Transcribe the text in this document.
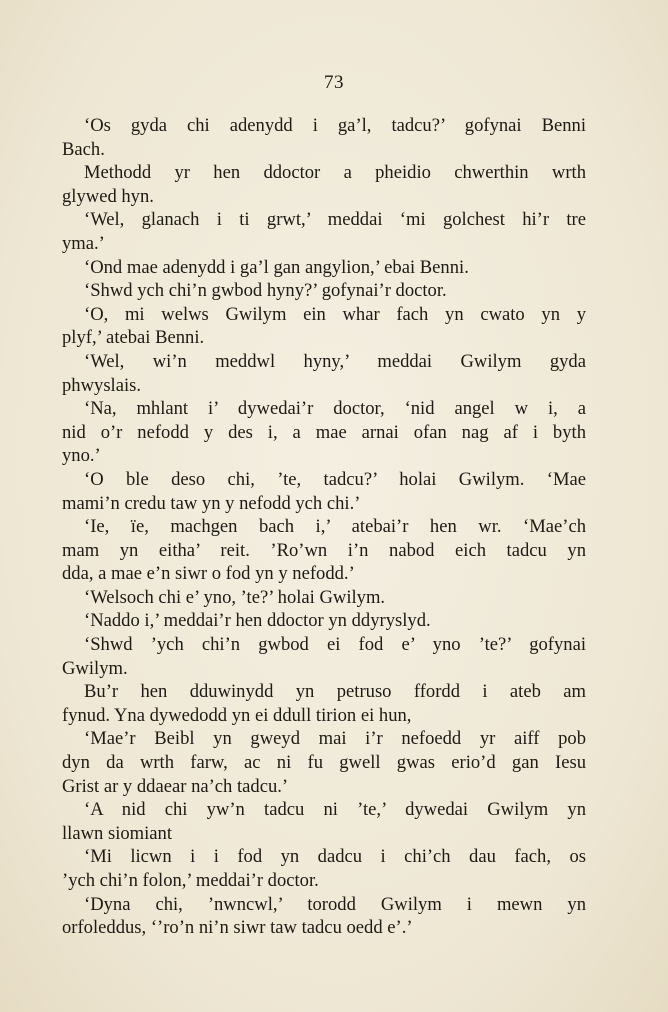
73
‘Os gyda chi adenydd i ga’l, tadcu?’ gofynai Benni
Bach.
Methodd yr hen ddoctor a pheidio chwerthin wrth
glywed hyn.
‘Wel, glanach i ti grwt,’ meddai ‘mi golchest hi’r tre
yma.’
‘Ond mae adenydd i ga’l gan angylion,’ ebai Benni.
‘Shwd ych chi’n gwbod hyny?’ gofynai’r doctor.
‘O, mi welws Gwilym ein whar fach yn cwato yn y
plyf,’ atebai Benni.
‘Wel, wi’n meddwl hyny,’ meddai Gwilym gyda
phwyslais.
‘Na, mhlant i’ dywedai’r doctor, ‘nid angel w i, a
nid o’r nefodd y des i, a mae arnai ofan nag af i byth
yno.’
‘O ble deso chi, ’te, tadcu?’ holai Gwilym. ‘Mae
mami’n credu taw yn y nefodd ych chi.’
‘Ie, ïe, machgen bach i,’ atebai’r hen wr. ‘Mae’ch
mam yn eitha’ reit. ’Ro’wn i’n nabod eich tadcu yn
dda, a mae e’n siwr o fod yn y nefodd.’
‘Welsoch chi e’ yno, ’te?’ holai Gwilym.
‘Naddo i,’ meddai’r hen ddoctor yn ddyryslyd.
‘Shwd ’ych chi’n gwbod ei fod e’ yno ’te?’ gofynai
Gwilym.
Bu’r hen dduwinydd yn petruso ffordd i ateb am
fynud. Yna dywedodd yn ei ddull tirion ei hun,
‘Mae’r Beibl yn gweyd mai i’r nefoedd yr aiff pob
dyn da wrth farw, ac ni fu gwell gwas erio’d gan Iesu
Grist ar y ddaear na’ch tadcu.’
‘A nid chi yw’n tadcu ni ’te,’ dywedai Gwilym yn
llawn siomiant
‘Mi licwn i i fod yn dadcu i chi’ch dau fach, os
’ych chi’n folon,’ meddai’r doctor.
‘Dyna chi, ’nwncwl,’ torodd Gwilym i mewn yn
orfoleddus, ‘’ro’n ni’n siwr taw tadcu oedd e’.’
